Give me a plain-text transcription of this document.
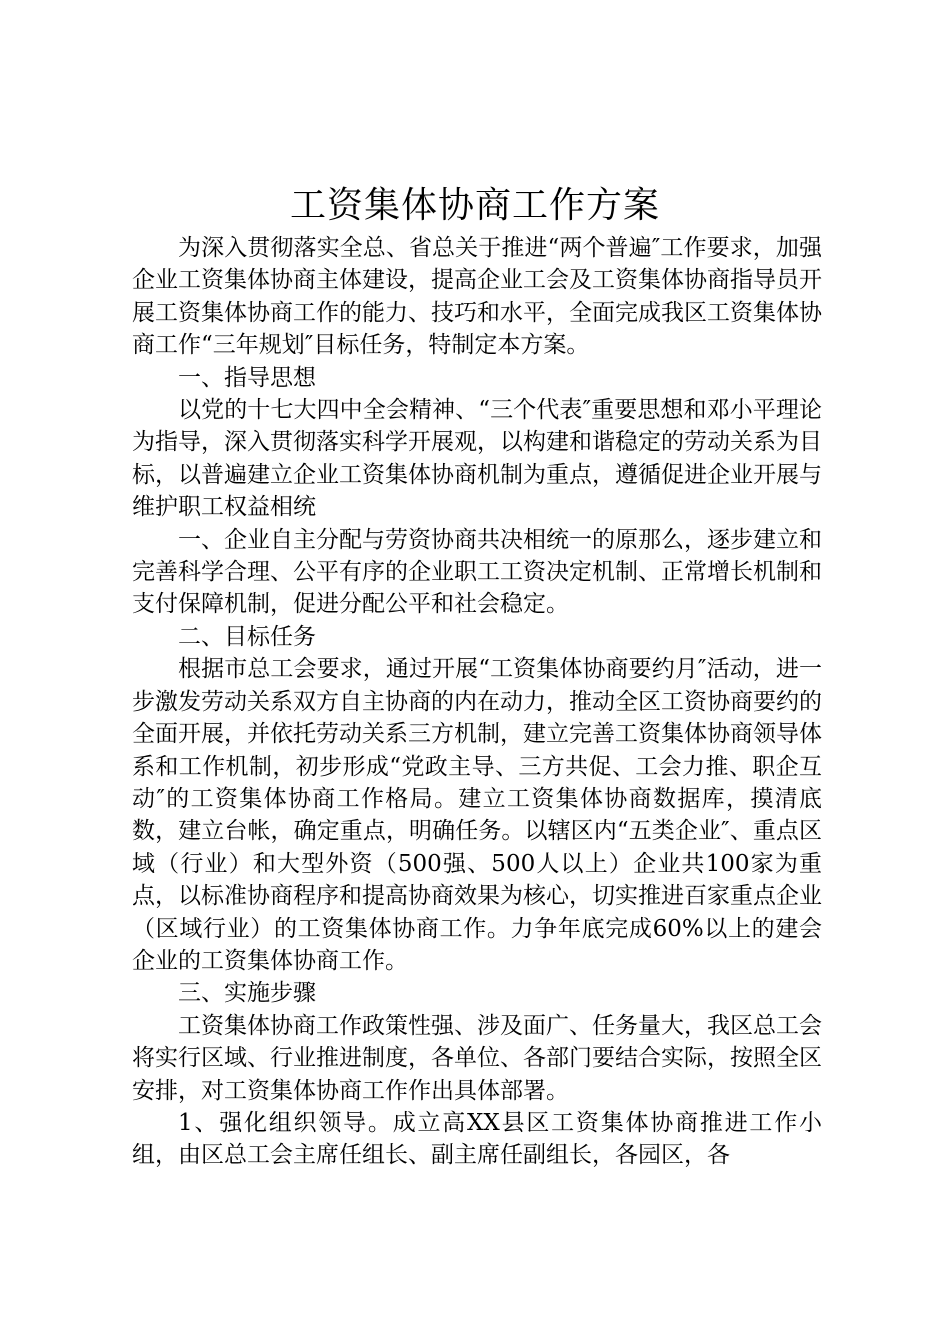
工资集体协商工作方案

为深入贯彻落实全总、省总关于推进“两个普遍″工作要求，加强企业工资集体协商主体建设，提高企业工会及工资集体协商指导员开展工资集体协商工作的能力、技巧和水平，全面完成我区工资集体协商工作“三年规划″目标任务，特制定本方案。

一、指导思想

以党的十七大四中全会精神、“三个代表″重要思想和邓小平理论为指导，深入贯彻落实科学开展观，以构建和谐稳定的劳动关系为目标，以普遍建立企业工资集体协商机制为重点，遵循促进企业开展与维护职工权益相统

一、企业自主分配与劳资协商共决相统一的原那么，逐步建立和完善科学合理、公平有序的企业职工工资决定机制、正常增长机制和支付保障机制，促进分配公平和社会稳定。

二、目标任务

根据市总工会要求，通过开展“工资集体协商要约月″活动，进一步激发劳动关系双方自主协商的内在动力，推动全区工资协商要约的全面开展，并依托劳动关系三方机制，建立完善工资集体协商领导体系和工作机制，初步形成“党政主导、三方共促、工会力推、职企互动″的工资集体协商工作格局。建立工资集体协商数据库，摸清底数，建立台帐，确定重点，明确任务。以辖区内“五类企业″、重点区域（行业）和大型外资（500强、500人以上）企业共100家为重点，以标准协商程序和提高协商效果为核心，切实推进百家重点企业（区域行业）的工资集体协商工作。力争年底完成60%以上的建会企业的工资集体协商工作。

三、实施步骤

工资集体协商工作政策性强、涉及面广、任务量大，我区总工会将实行区域、行业推进制度，各单位、各部门要结合实际，按照全区安排，对工资集体协商工作作出具体部署。

1、强化组织领导。成立高XX县区工资集体协商推进工作小组，由区总工会主席任组长、副主席任副组长，各园区，各
